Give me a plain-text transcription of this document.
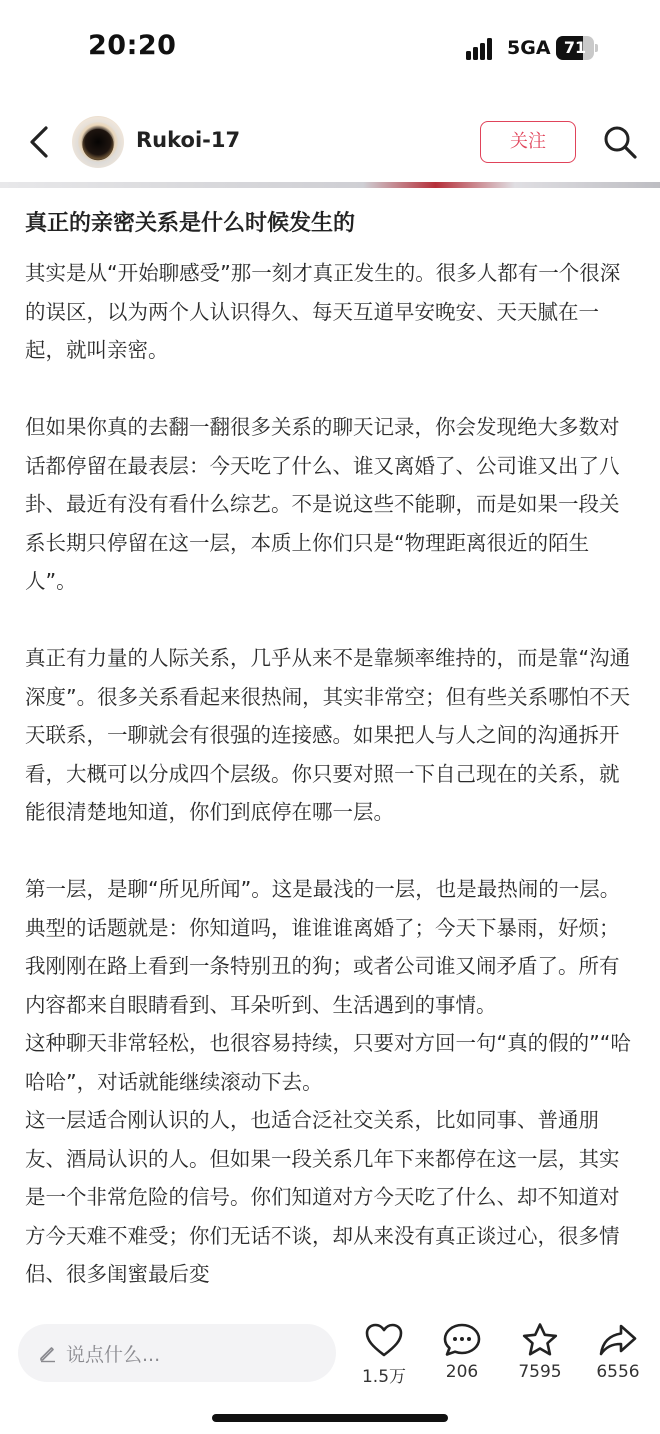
20:20	5GA 71
Rukoi-17	关注
真正的亲密关系是什么时候发生的

其实是从“开始聊感受”那一刻才真正发生的。很多人都有一个很深的误区，以为两个人认识得久、每天互道早安晚安、天天腻在一起，就叫亲密。

但如果你真的去翻一翻很多关系的聊天记录，你会发现绝大多数对话都停留在最表层：今天吃了什么、谁又离婚了、公司谁又出了八卦、最近有没有看什么综艺。不是说这些不能聊，而是如果一段关系长期只停留在这一层，本质上你们只是“物理距离很近的陌生人”。

真正有力量的人际关系，几乎从来不是靠频率维持的，而是靠“沟通深度”。很多关系看起来很热闹，其实非常空；但有些关系哪怕不天天联系，一聊就会有很强的连接感。如果把人与人之间的沟通拆开看，大概可以分成四个层级。你只要对照一下自己现在的关系，就能很清楚地知道，你们到底停在哪一层。

第一层，是聊“所见所闻”。这是最浅的一层，也是最热闹的一层。典型的话题就是：你知道吗，谁谁谁离婚了；今天下暴雨，好烦；我刚刚在路上看到一条特别丑的狗；或者公司谁又闹矛盾了。所有内容都来自眼睛看到、耳朵听到、生活遇到的事情。

这种聊天非常轻松，也很容易持续，只要对方回一句“真的假的”“哈哈哈”，对话就能继续滚动下去。

这一层适合刚认识的人，也适合泛社交关系，比如同事、普通朋友、酒局认识的人。但如果一段关系几年下来都停在这一层，其实是一个非常危险的信号。你们知道对方今天吃了什么、却不知道对方今天难不难受；你们无话不谈，却从来没有真正谈过心，很多情侣、很多闺蜜最后変

说点什么...
1.5万	206	7595	6556
